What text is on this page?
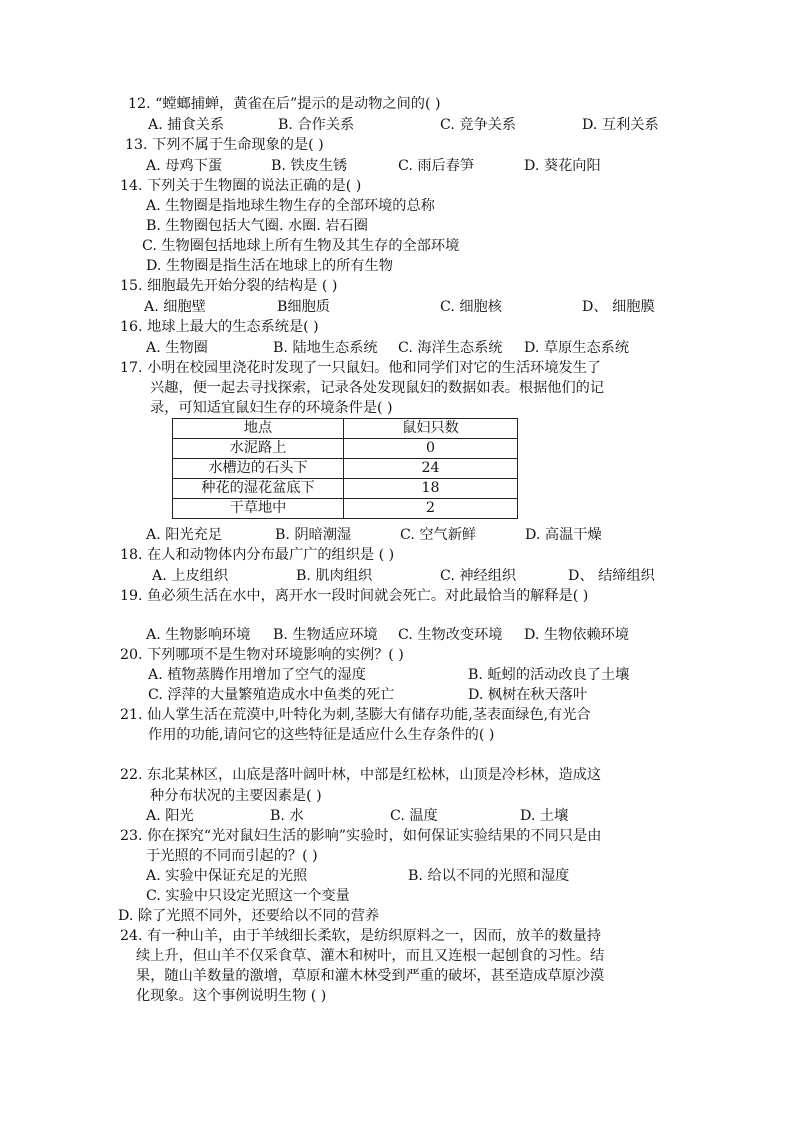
12. “螳螂捕蝉，黄雀在后”提示的是动物之间的( )
A. 捕食关系	B. 合作关系	C. 竞争关系	D. 互利关系
13. 下列不属于生命现象的是( )
A. 母鸡下蛋	B. 铁皮生锈	C. 雨后春笋	D. 葵花向阳
14. 下列关于生物圈的说法正确的是( )
A. 生物圈是指地球生物生存的全部环境的总称
B. 生物圈包括大气圈. 水圈. 岩石圈
C. 生物圈包括地球上所有生物及其生存的全部环境
D. 生物圈是指生活在地球上的所有生物
15. 细胞最先开始分裂的结构是 ( )
A. 细胞壁	B细胞质	C. 细胞核	D、 细胞膜
16. 地球上最大的生态系统是( )
A. 生物圈	B. 陆地生态系统 C. 海洋生态系统 D. 草原生态系统
17. 小明在校园里浇花时发现了一只鼠妇。他和同学们对它的生活环境发生了
兴趣，便一起去寻找探索，记录各处发现鼠妇的数据如表。根据他们的记
录，可知适宜鼠妇生存的环境条件是( )
地点	鼠妇只数
水泥路上	0
水槽边的石头下	24
种花的湿花盆底下	18
干草地中	2
A. 阳光充足	B. 阴暗潮湿	C. 空气新鲜	D. 高温干燥
18. 在人和动物体内分布最广广的组织是 ( )
A. 上皮组织	B. 肌肉组织	C. 神经组织	D、 结缔组织
19. 鱼必须生活在水中，离开水一段时间就会死亡。对此最恰当的解释是( )
A. 生物影响环境 B. 生物适应环境 C. 生物改变环境 D. 生物依赖环境
20. 下列哪项不是生物对环境影响的实例？( )
A. 植物蒸腾作用增加了空气的湿度	B. 蚯蚓的活动改良了土壤
C. 浮萍的大量繁殖造成水中鱼类的死亡	D. 枫树在秋天落叶
21. 仙人掌生活在荒漠中,叶特化为刺,茎膨大有储存功能,茎表面绿色,有光合
作用的功能,请问它的这些特征是适应什么生存条件的( )
22. 东北某林区，山底是落叶阔叶林，中部是红松林，山顶是冷杉林，造成这
种分布状况的主要因素是( )
A. 阳光	B. 水	C. 温度	D. 土壤
23. 你在探究“光对鼠妇生活的影响”实验时，如何保证实验结果的不同只是由
于光照的不同而引起的？( )
A. 实验中保证充足的光照	B. 给以不同的光照和湿度
C. 实验中只设定光照这一个变量
D. 除了光照不同外，还要给以不同的营养
24. 有一种山羊，由于羊绒细长柔软，是纺织原料之一，因而，放羊的数量持
续上升，但山羊不仅采食草、灌木和树叶，而且又连根一起刨食的习性。结
果，随山羊数量的激增，草原和灌木林受到严重的破坏，甚至造成草原沙漠
化现象。这个事例说明生物 ( )
